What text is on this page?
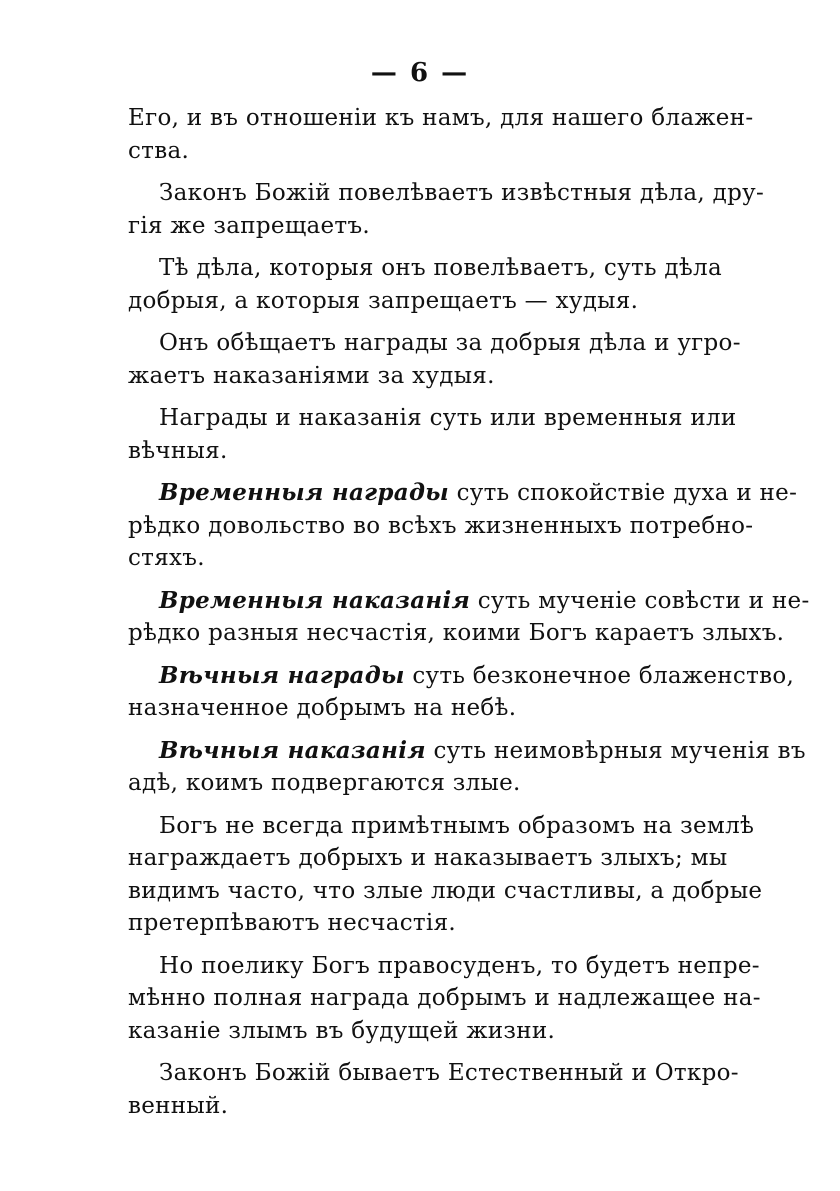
— 6 —

Его, и въ отношеніи къ намъ, для нашего блажен-
ства.

Законъ Божій повелѣваетъ извѣстныя дѣла, дру-
гія же запрещаетъ.

Тѣ дѣла, которыя онъ повелѣваетъ, суть дѣла
добрыя, а которыя запрещаетъ — худыя.

Онъ обѣщаетъ награды за добрыя дѣла и угро-
жаетъ наказаніями за худыя.

Награды и наказанія суть или временныя или
вѣчныя.

Временныя награды суть спокойствіе духа и не-
рѣдко довольство во всѣхъ жизненныхъ потребно-
стяхъ.

Временныя наказанія суть мученіе совѣсти и не-
рѣдко разныя несчастія, коими Богъ караетъ злыхъ.

Вѣчныя награды суть безконечное блаженство,
назначенное добрымъ на небѣ.

Вѣчныя наказанія суть неимовѣрныя мученія въ
адѣ, коимъ подвергаются злые.

Богъ не всегда примѣтнымъ образомъ на землѣ
награждаетъ добрыхъ и наказываетъ злыхъ; мы
видимъ часто, что злые люди счастливы, а добрые
претерпѣваютъ несчастія.

Но поелику Богъ правосуденъ, то будетъ непре-
мѣнно полная награда добрымъ и надлежащее на-
казаніе злымъ въ будущей жизни.

Законъ Божій бываетъ Естественный и Откро-
венный.
